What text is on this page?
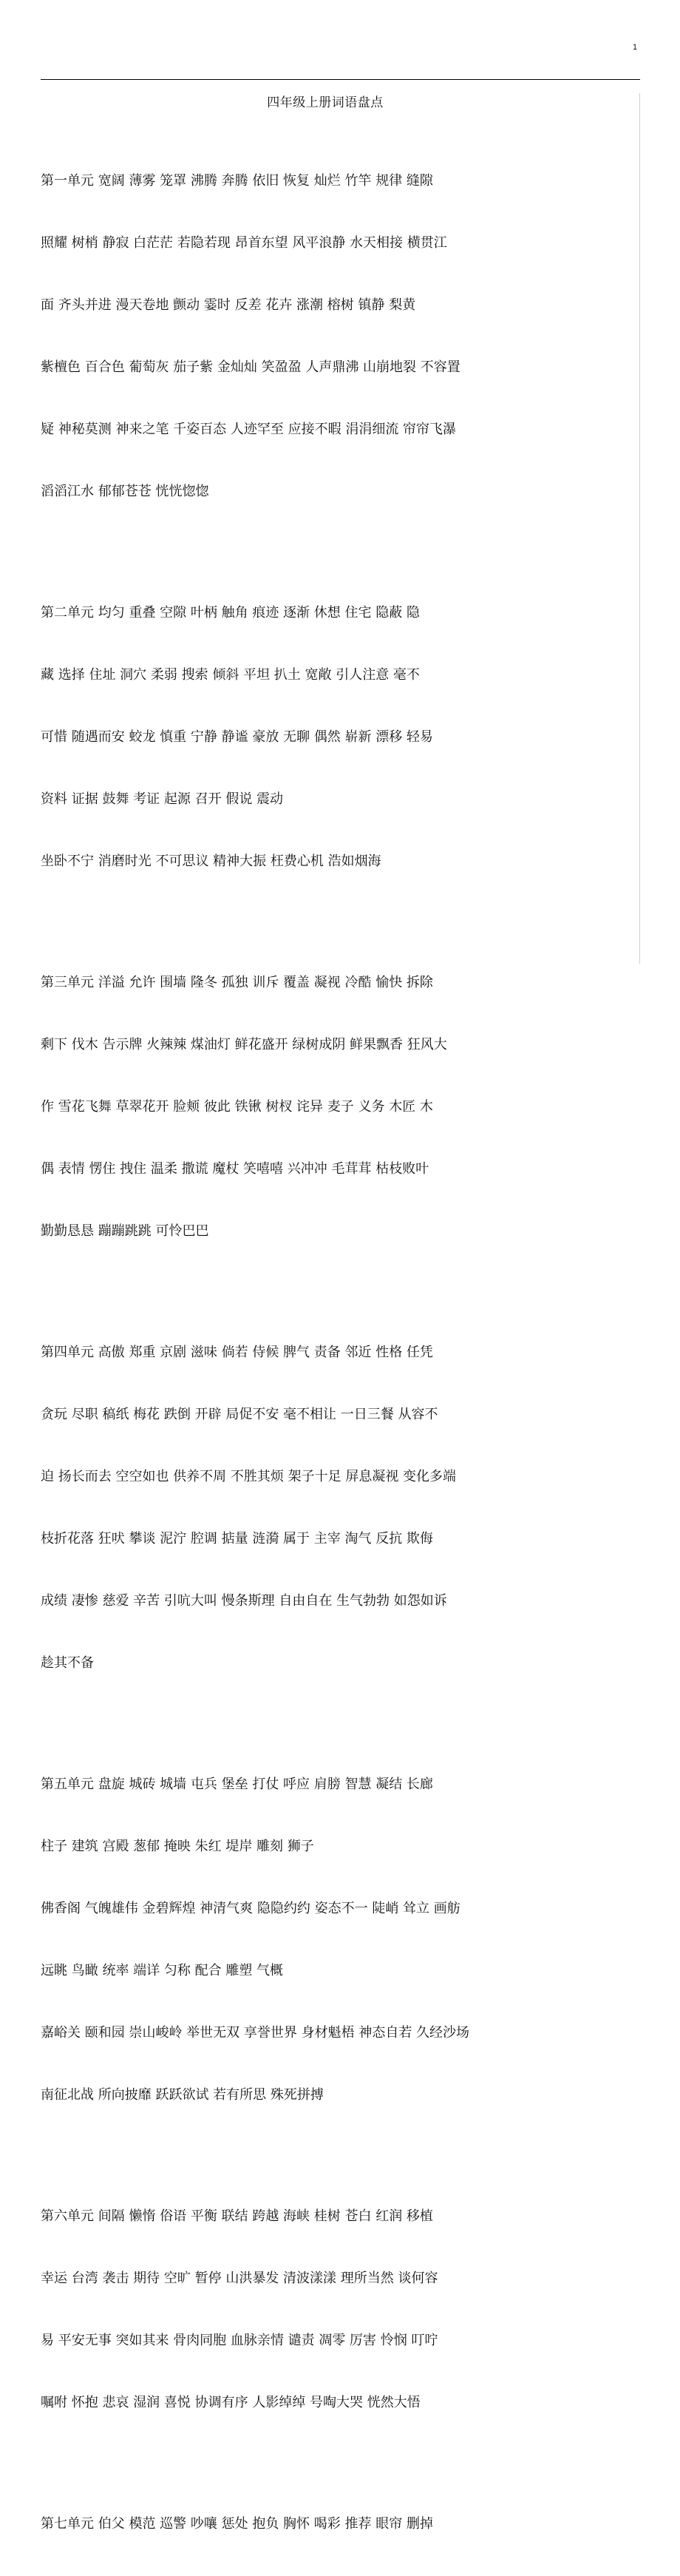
1
四年级上册词语盘点

第一单元 宽阔 薄雾 笼罩 沸腾 奔腾 依旧 恢复 灿烂 竹竿 规律 缝隙

照耀 树梢 静寂 白茫茫 若隐若现 昂首东望 风平浪静 水天相接 横贯江

面 齐头并进 漫天卷地 颤动 霎时 反差 花卉 涨潮 榕树 镇静 梨黄

紫檀色 百合色 葡萄灰 茄子紫 金灿灿 笑盈盈 人声鼎沸 山崩地裂 不容置

疑 神秘莫测 神来之笔 千姿百态 人迹罕至 应接不暇 涓涓细流 帘帘飞瀑

滔滔江水 郁郁苍苍 恍恍惚惚

第二单元 均匀 重叠 空隙 叶柄 触角 痕迹 逐渐 休想 住宅 隐蔽 隐

藏 选择 住址 洞穴 柔弱 搜索 倾斜 平坦 扒土 宽敞 引人注意 毫不

可惜 随遇而安 蛟龙 慎重 宁静 静谧 豪放 无聊 偶然 崭新 漂移 轻易

资料 证据 鼓舞 考证 起源 召开 假说 震动

坐卧不宁 消磨时光 不可思议 精神大振 枉费心机 浩如烟海

第三单元 洋溢 允许 围墙 隆冬 孤独 训斥 覆盖 凝视 冷酷 愉快 拆除

剩下 伐木 告示牌 火辣辣 煤油灯 鲜花盛开 绿树成阴 鲜果飘香 狂风大

作 雪花飞舞 草翠花开 脸颊 彼此 铁锹 树杈 诧异 麦子 义务 木匠 木

偶 表情 愣住 拽住 温柔 撒谎 魔杖 笑嘻嘻 兴冲冲 毛茸茸 枯枝败叶

勤勤恳恳 蹦蹦跳跳 可怜巴巴

第四单元 高傲 郑重 京剧 滋味 倘若 侍候 脾气 责备 邻近 性格 任凭

贪玩 尽职 稿纸 梅花 跌倒 开辟 局促不安 毫不相让 一日三餐 从容不

迫 扬长而去 空空如也 供养不周 不胜其烦 架子十足 屏息凝视 变化多端

枝折花落 狂吠 攀谈 泥泞 腔调 掂量 涟漪 属于 主宰 淘气 反抗 欺侮

成绩 凄惨 慈爱 辛苦 引吭大叫 慢条斯理 自由自在 生气勃勃 如怨如诉

趁其不备

第五单元 盘旋 城砖 城墙 屯兵 堡垒 打仗 呼应 肩膀 智慧 凝结 长廊

柱子 建筑 宫殿 葱郁 掩映 朱红 堤岸 雕刻 狮子

佛香阁 气魄雄伟 金碧辉煌 神清气爽 隐隐约约 姿态不一 陡峭 耸立 画舫

远眺 鸟瞰 统率 端详 匀称 配合 雕塑 气概

嘉峪关 颐和园 崇山峻岭 举世无双 享誉世界 身材魁梧 神态自若 久经沙场

南征北战 所向披靡 跃跃欲试 若有所思 殊死拼搏

第六单元 间隔 懒惰 俗语 平衡 联结 跨越 海峡 桂树 苍白 红润 移植

幸运 台湾 袭击 期待 空旷 暂停 山洪暴发 清波漾漾 理所当然 谈何容

易 平安无事 突如其来 骨肉同胞 血脉亲情 谴责 凋零 厉害 怜悯 叮咛

嘱咐 怀抱 悲哀 湿润 喜悦 协调有序 人影绰绰 号啕大哭 恍然大悟

第七单元 伯父 模范 巡警 吵嚷 惩处 抱负 胸怀 喝彩 推荐 眼帘 删掉
